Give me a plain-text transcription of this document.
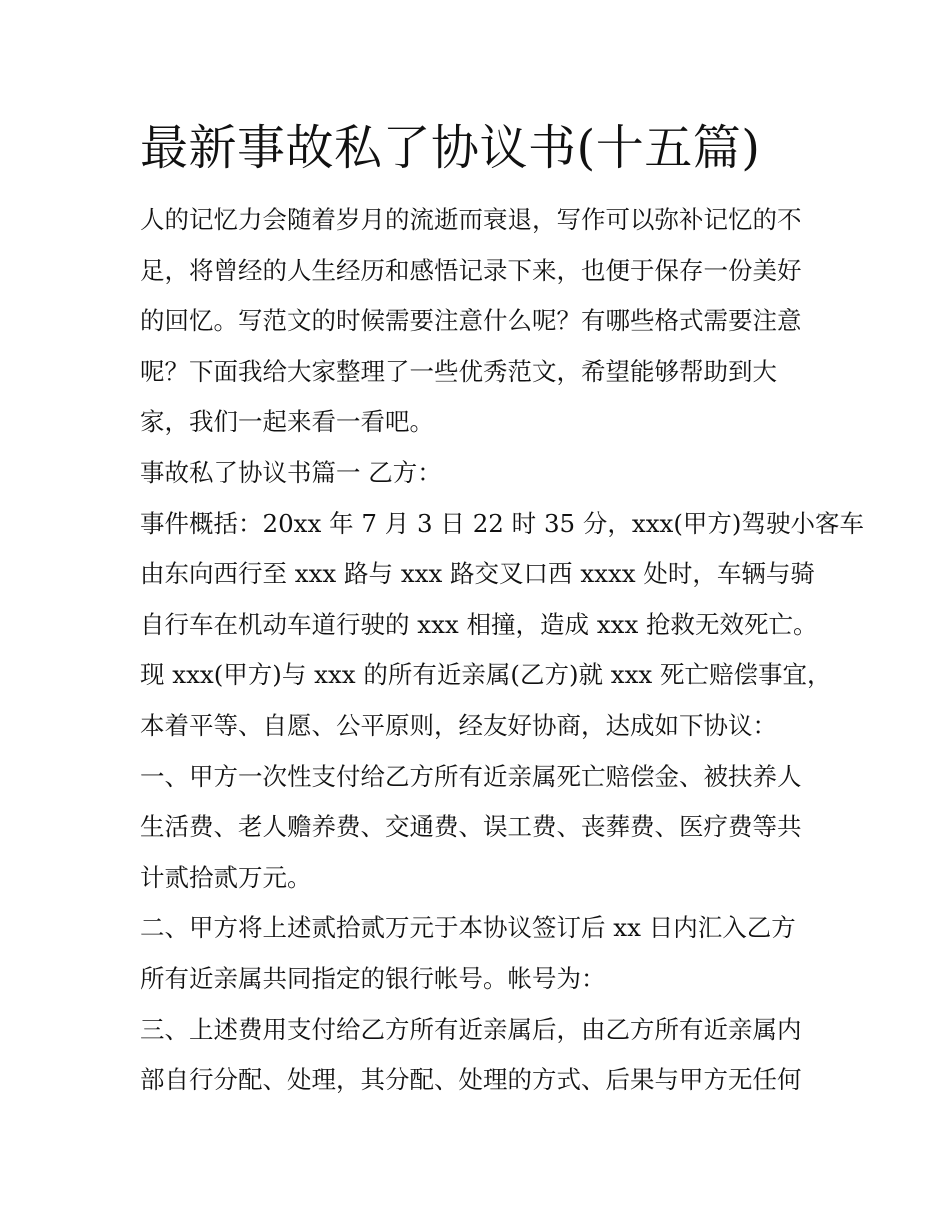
最新事故私了协议书(十五篇)
人的记忆力会随着岁月的流逝而衰退，写作可以弥补记忆的不
足，将曾经的人生经历和感悟记录下来，也便于保存一份美好
的回忆。写范文的时候需要注意什么呢？有哪些格式需要注意
呢？下面我给大家整理了一些优秀范文，希望能够帮助到大
家，我们一起来看一看吧。
事故私了协议书篇一 乙方：
事件概括：20xx 年 7 月 3 日 22 时 35 分，xxx(甲方)驾驶小客车
由东向西行至 xxx 路与 xxx 路交叉口西 xxxx 处时，车辆与骑
自行车在机动车道行驶的 xxx 相撞，造成 xxx 抢救无效死亡。
现 xxx(甲方)与 xxx 的所有近亲属(乙方)就 xxx 死亡赔偿事宜，
本着平等、自愿、公平原则，经友好协商，达成如下协议：
一、甲方一次性支付给乙方所有近亲属死亡赔偿金、被扶养人
生活费、老人赡养费、交通费、误工费、丧葬费、医疗费等共
计贰拾贰万元。
二、甲方将上述贰拾贰万元于本协议签订后 xx 日内汇入乙方
所有近亲属共同指定的银行帐号。帐号为：
三、上述费用支付给乙方所有近亲属后，由乙方所有近亲属内
部自行分配、处理，其分配、处理的方式、后果与甲方无任何
